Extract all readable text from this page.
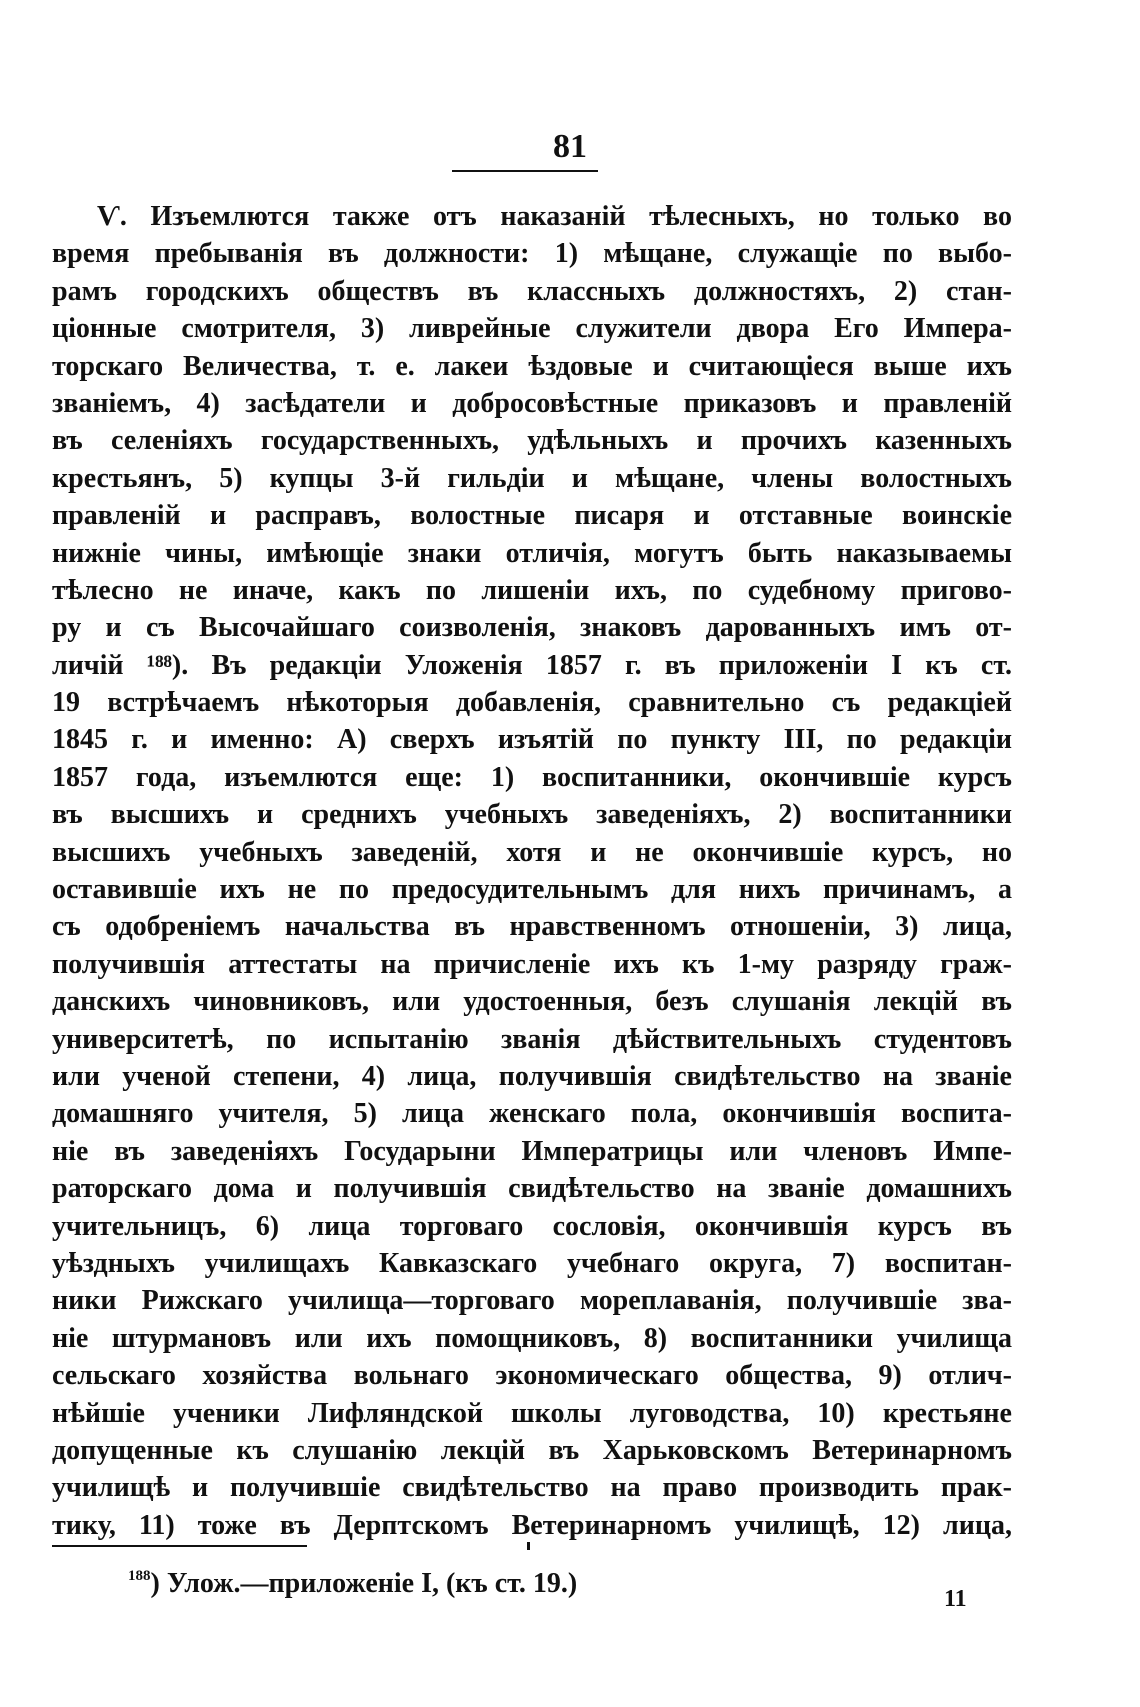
81
Ѵ. Изъемлются также отъ наказаній тѣлесныхъ, но только во
время пребыванія въ должности: 1) мѣщане, служащіе по выбо-
рамъ городскихъ обществъ въ классныхъ должностяхъ, 2) стан-
ціонные смотрителя, 3) ливрейные служители двора Его Импера-
торскаго Величества, т. е. лакеи ѣздовые и считающіеся выше ихъ
званіемъ, 4) засѣдатели и добросовѣстные приказовъ и правленій
въ селеніяхъ государственныхъ, удѣльныхъ и прочихъ казенныхъ
крестьянъ, 5) купцы 3-й гильдіи и мѣщане, члены волостныхъ
правленій и расправъ, волостные писаря и отставные воинскіе
нижніе чины, имѣющіе знаки отличія, могутъ быть наказываемы
тѣлесно не иначе, какъ по лишеніи ихъ, по судебному пригово-
ру и съ Высочайшаго соизволенія, знаковъ дарованныхъ имъ от-
личій ¹⁸⁸). Въ редакціи Уложенія 1857 г. въ приложеніи I къ ст.
19 встрѣчаемъ нѣкоторыя добавленія, сравнительно съ редакціей
1845 г. и именно: А) сверхъ изъятій по пункту III, по редакціи
1857 года, изъемлются еще: 1) воспитанники, окончившіе курсъ
въ высшихъ и среднихъ учебныхъ заведеніяхъ, 2) воспитанники
высшихъ учебныхъ заведеній, хотя и не окончившіе курсъ, но
оставившіе ихъ не по предосудительнымъ для нихъ причинамъ, а
съ одобреніемъ начальства въ нравственномъ отношеніи, 3) лица,
получившія аттестаты на причисленіе ихъ къ 1-му разряду граж-
данскихъ чиновниковъ, или удостоенныя, безъ слушанія лекцій въ
университетѣ, по испытанію званія дѣйствительныхъ студентовъ
или ученой степени, 4) лица, получившія свидѣтельство на званіе
домашняго учителя, 5) лица женскаго пола, окончившія воспита-
ніе въ заведеніяхъ Государыни Императрицы или членовъ Импе-
раторскаго дома и получившія свидѣтельство на званіе домашнихъ
учительницъ, 6) лица торговаго сословія, окончившія курсъ въ
уѣздныхъ училищахъ Кавказскаго учебнаго округа, 7) воспитан-
ники Рижскаго училища—торговаго мореплаванія, получившіе зва-
ніе штурмановъ или ихъ помощниковъ, 8) воспитанники училища
сельскаго хозяйства вольнаго экономическаго общества, 9) отлич-
нѣйшіе ученики Лифляндской школы луговодства, 10) крестьяне
допущенные къ слушанію лекцій въ Харьковскомъ Ветеринарномъ
училищѣ и получившіе свидѣтельство на право производить прак-
тику, 11) тоже въ Дерптскомъ Ветеринарномъ училищѣ, 12) лица,
$^{188}$) Улож.—приложеніе I, (къ ст. 19.)	11
